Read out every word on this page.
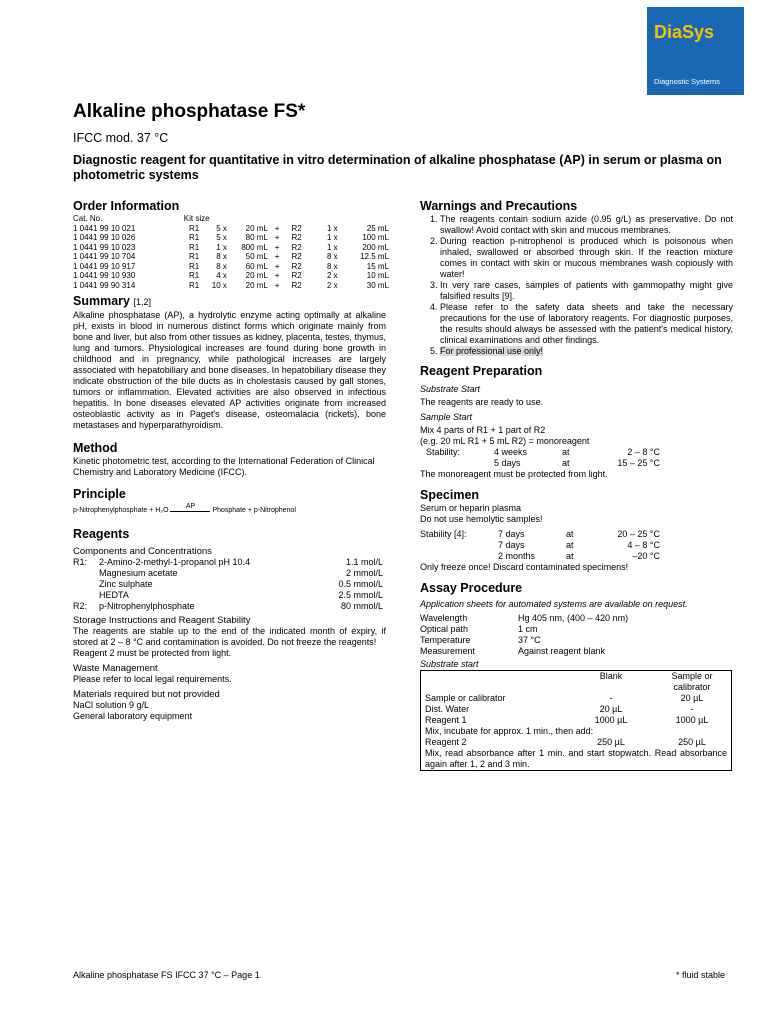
DiaSys
Diagnostic Systems
Alkaline phosphatase FS*
IFCC mod. 37 °C
Diagnostic reagent for quantitative in vitro determination of alkaline phosphatase (AP) in serum or plasma on photometric systems
Order Information
Cat. No.	Kit size						
1 0441 99 10 021	R1	5 x	20 mL	+	R2	1 x	25 mL
1 0441 99 10 026	R1	5 x	80 mL	+	R2	1 x	100 mL
1 0441 99 10 023	R1	1 x	800 mL	+	R2	1 x	200 mL
1 0441 99 10 704	R1	8 x	50 mL	+	R2	8 x	12.5 mL
1 0441 99 10 917	R1	8 x	60 mL	+	R2	8 x	15 mL
1 0441 99 10 930	R1	4 x	20 mL	+	R2	2 x	10 mL
1 0441 99 90 314	R1	10 x	20 mL	+	R2	2 x	30 mL
Summary [1,2]
Alkaline phosphatase (AP), a hydrolytic enzyme acting optimally at alkaline pH, exists in blood in numerous distinct forms which originate mainly from bone and liver, but also from other tissues as kidney, placenta, testes, thymus, lung and tumors. Physiological increases are found during bone growth in childhood and in pregnancy, while pathological increases are largely associated with hepatobiliary and bone diseases. In hepatobiliary disease they indicate obstruction of the bile ducts as in cholestasis caused by gall stones, tumors or inflammation. Elevated activities are also observed in infectious hepatitis. In bone diseases elevated AP activities originate from increased osteoblastic activity as in Paget's disease, osteomalacia (rickets), bone metastases and hyperparathyroidism.
Method
Kinetic photometric test, according to the International Federation of Clinical Chemistry and Laboratory Medicine (IFCC).
Principle
p-Nitrophenylphosphate + H₂O AP
Phosphate + p-Nitrophenol
Reagents
Components and Concentrations
R1:	2-Amino-2-methyl-1-propanol pH 10.4	1.1 mol/L
	Magnesium acetate	2 mmol/L
	Zinc sulphate	0.5 mmol/L
	HEDTA	2.5 mmol/L
R2:	p-Nitrophenylphosphate	80 mmol/L
Storage Instructions and Reagent Stability
The reagents are stable up to the end of the indicated month of expiry, if stored at 2 – 8 °C and contamination is avoided. Do not freeze the reagents!
Reagent 2 must be protected from light.
Waste Management
Please refer to local legal requirements.
Materials required but not provided
NaCl solution 9 g/L
General laboratory equipment
Warnings and Precautions
1. The reagents contain sodium azide (0.95 g/L) as preservative. Do not swallow! Avoid contact with skin and mucous membranes.
2. During reaction p-nitrophenol is produced which is poisonous when inhaled, swallowed or absorbed through skin. If the reaction mixture comes in contact with skin or mucous membranes wash copiously with water!
3. In very rare cases, samples of patients with gammopathy might give falsified results [9].
4. Please refer to the safety data sheets and take the necessary precautions for the use of laboratory reagents. For diagnostic purposes, the results should always be assessed with the patient's medical history, clinical examinations and other findings.
5. For professional use only!
Reagent Preparation
Substrate Start
The reagents are ready to use.
Sample Start
Mix 4 parts of R1 + 1 part of R2
(e.g. 20 mL R1 + 5 mL R2) = monoreagent
Stability:	4 weeks	at	2 – 8 °C
	5 days	at	15 – 25 °C
The monoreagent must be protected from light.
Specimen
Serum or heparin plasma
Do not use hemolytic samples!
Stability [4]:	7 days	at	20 – 25 °C
	7 days	at	4 – 8 °C
	2 months	at	–20 °C
Only freeze once! Discard contaminated specimens!
Assay Procedure
Application sheets for automated systems are available on request.
Wavelength	Hg 405 nm, (400 – 420 nm)
Optical path	1 cm
Temperature	37 °C
Measurement	Against reagent blank
Substrate start
	Blank	Sample or calibrator
Sample or calibrator	-	20 µL
Dist. Water	20 µL	-
Reagent 1	1000 µL	1000 µL
Mix, incubate for approx. 1 min., then add:		
Reagent 2	250 µL	250 µL
Mix, read absorbance after 1 min. and start stopwatch. Read absorbance again after 1, 2 and 3 min.		
Alkaline phosphatase FS IFCC 37 °C – Page 1	* fluid stable
